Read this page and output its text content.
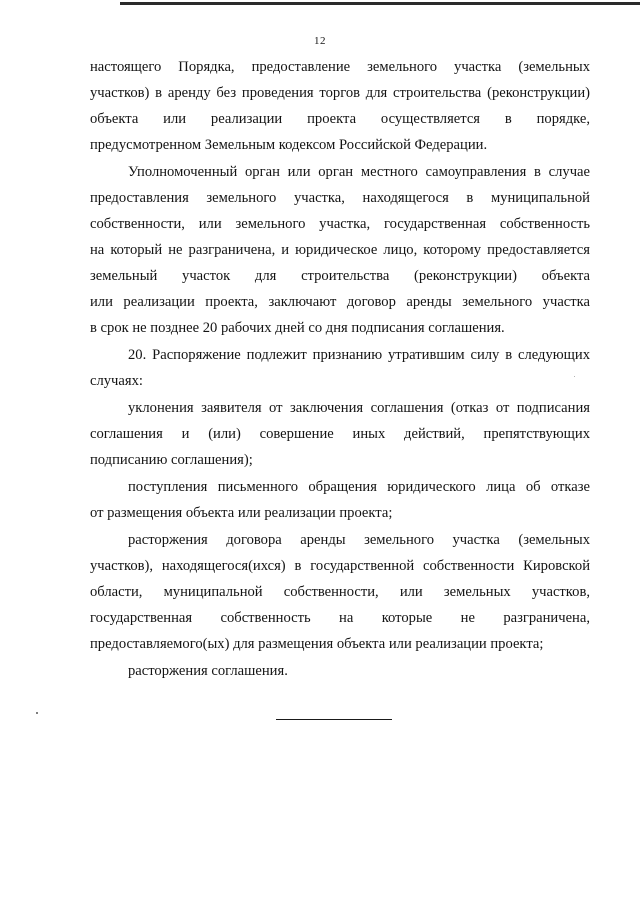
12
настоящего Порядка, предоставление земельного участка (земельных
участков) в аренду без проведения торгов для строительства (реконструкции)
объекта или реализации проекта осуществляется в порядке,
предусмотренном Земельным кодексом Российской Федерации.
Уполномоченный орган или орган местного самоуправления в случае
предоставления земельного участка, находящегося в муниципальной
собственности, или земельного участка, государственная собственность
на который не разграничена, и юридическое лицо, которому предоставляется
земельный участок для строительства (реконструкции) объекта
или реализации проекта, заключают договор аренды земельного участка
в срок не позднее 20 рабочих дней со дня подписания соглашения.
20. Распоряжение подлежит признанию утратившим силу в следующих
случаях:
уклонения заявителя от заключения соглашения (отказ от подписания
соглашения и (или) совершение иных действий, препятствующих
подписанию соглашения);
поступления письменного обращения юридического лица об отказе
от размещения объекта или реализации проекта;
расторжения договора аренды земельного участка (земельных
участков), находящегося(ихся) в государственной собственности Кировской
области, муниципальной собственности, или земельных участков,
государственная собственность на которые не разграничена,
предоставляемого(ых) для размещения объекта или реализации проекта;
расторжения соглашения.
